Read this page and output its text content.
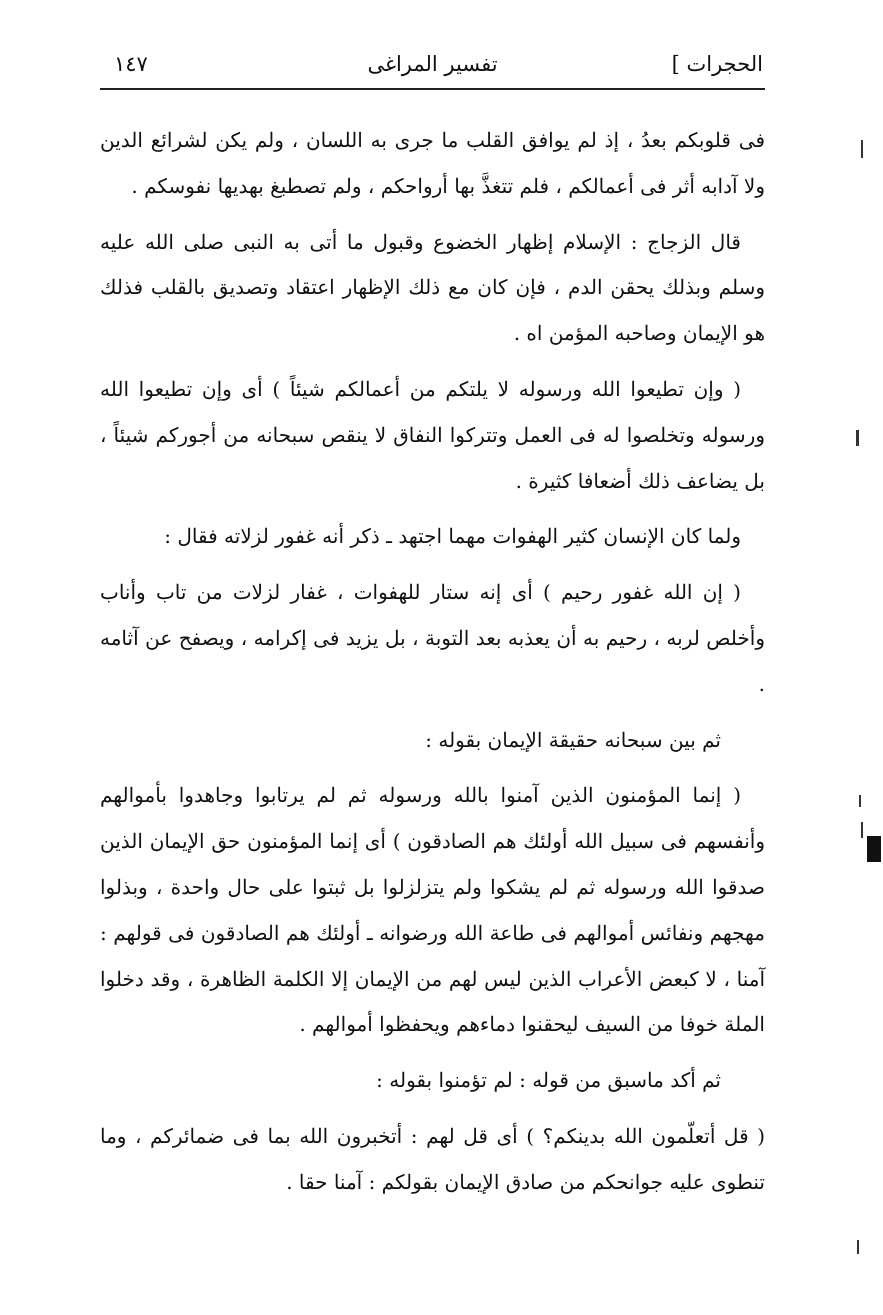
الحجرات ]
تفسير المراغى
١٤٧

فى قلوبكم بعدُ ، إذ لم يوافق القلب ما جرى به اللسان ، ولم يكن لشرائع الدين ولا آدابه أثر فى أعمالكم ، فلم تتغذَّ بها أرواحكم ، ولم تصطبغ بهديها نفوسكم .

قال الزجاج : الإسلام إظهار الخضوع وقبول ما أتى به النبى صلى الله عليه وسلم وبذلك يحقن الدم ، فإن كان مع ذلك الإظهار اعتقاد وتصديق بالقلب فذلك هو الإيمان وصاحبه المؤمن اه .

( وإن تطيعوا الله ورسوله لا يلتكم من أعمالكم شيئاً ) أى وإن تطيعوا الله ورسوله وتخلصوا له فى العمل وتتركوا النفاق لا ينقص سبحانه من أجوركم شيئاً ، بل يضاعف ذلك أضعافا كثيرة .

ولما كان الإنسان كثير الهفوات مهما اجتهد ـ ذكر أنه غفور لزلاته فقال :

( إن الله غفور رحيم ) أى إنه ستار للهفوات ، غفار لزلات من تاب وأناب وأخلص لربه ، رحيم به أن يعذبه بعد التوبة ، بل يزيد فى إكرامه ، ويصفح عن آثامه .

ثم بين سبحانه حقيقة الإيمان بقوله :

( إنما المؤمنون الذين آمنوا بالله ورسوله ثم لم يرتابوا وجاهدوا بأموالهم وأنفسهم فى سبيل الله أولئك هم الصادقون ) أى إنما المؤمنون حق الإيمان الذين صدقوا الله ورسوله ثم لم يشكوا ولم يتزلزلوا بل ثبتوا على حال واحدة ، وبذلوا مهجهم ونفائس أموالهم فى طاعة الله ورضوانه ـ أولئك هم الصادقون فى قولهم : آمنا ، لا كبعض الأعراب الذين ليس لهم من الإيمان إلا الكلمة الظاهرة ، وقد دخلوا الملة خوفا من السيف ليحقنوا دماءهم ويحفظوا أموالهم .

ثم أكد ماسبق من قوله : لم تؤمنوا بقوله :

( قل أتعلّمون الله بدينكم؟ ) أى قل لهم : أتخبرون الله بما فى ضمائركم ، وما تنطوى عليه جوانحكم من صادق الإيمان بقولكم : آمنا حقا .
